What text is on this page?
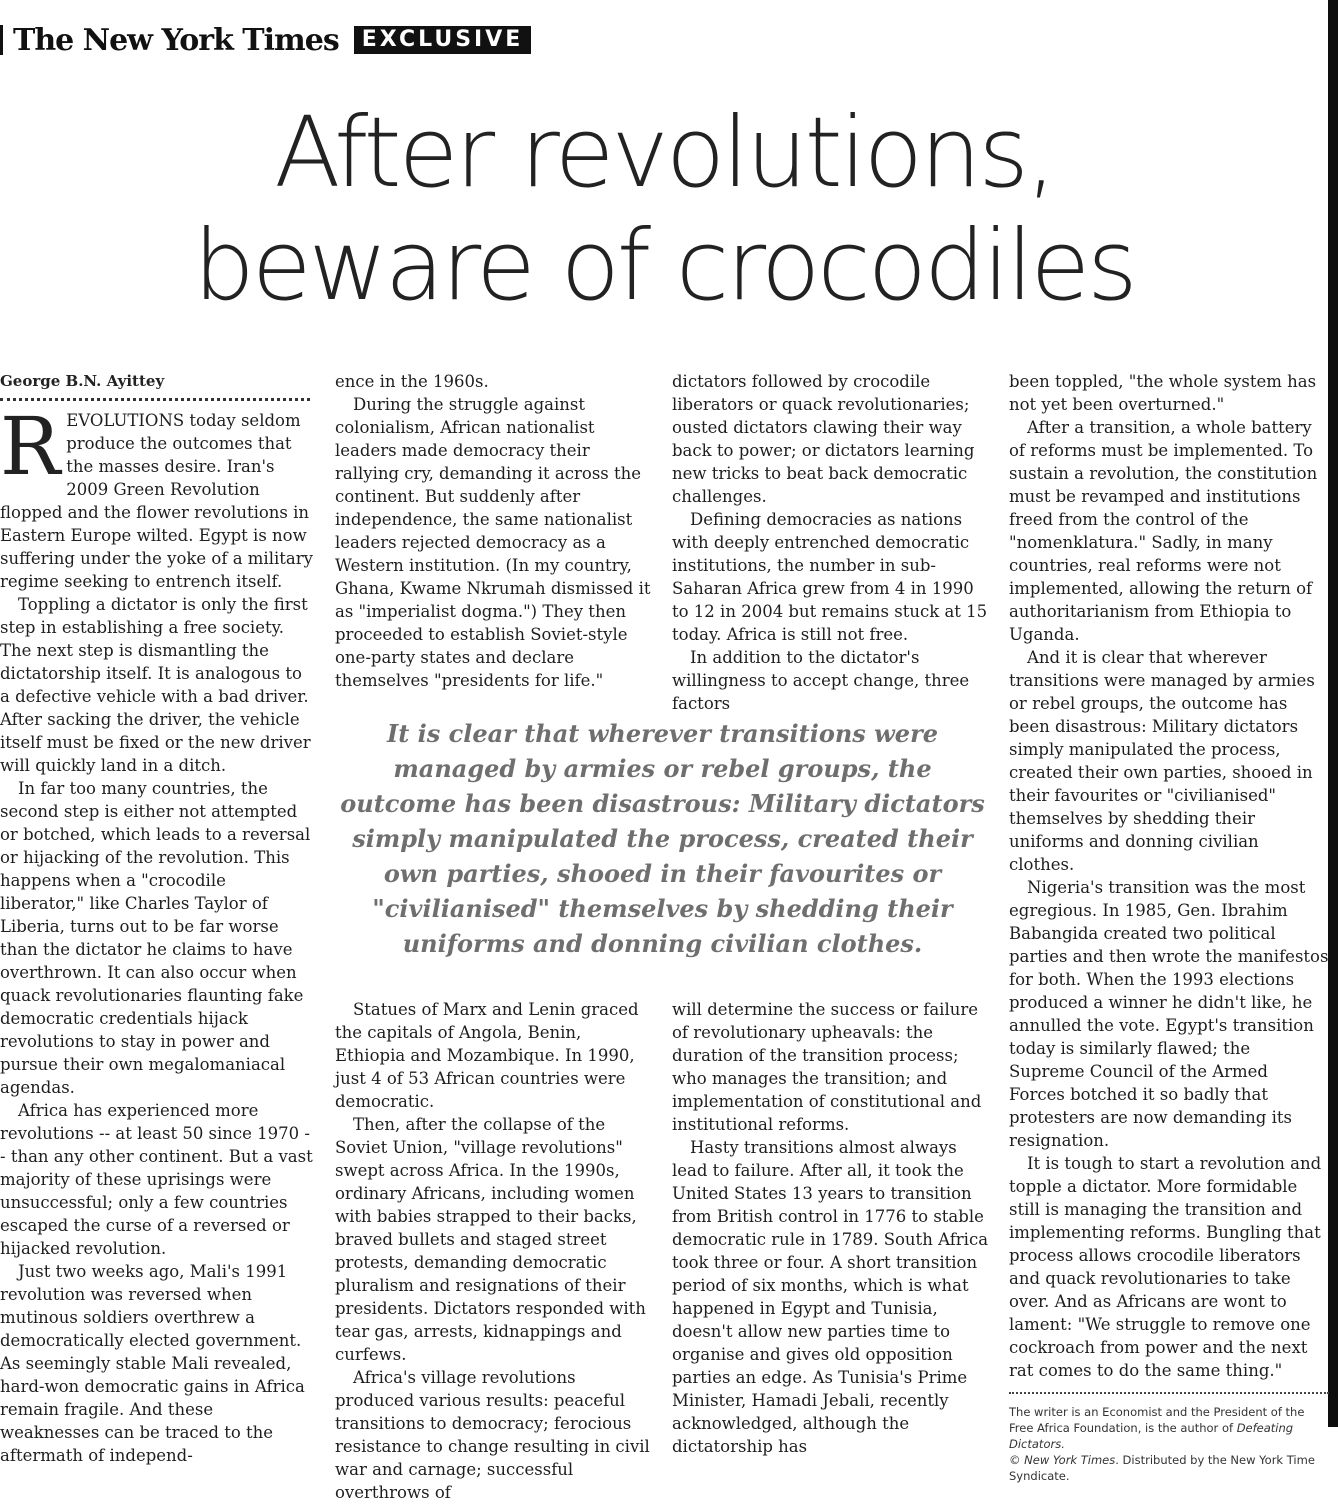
The New York Times	EXCLUSIVE
After revolutions,
beware of crocodiles
George B.N. Ayittey

REVOLUTIONS today seldom produce the outcomes that the masses desire. Iran's 2009 Green Revolution flopped and the flower revolutions in Eastern Europe wilted. Egypt is now suffering under the yoke of a military regime seeking to entrench itself.

Toppling a dictator is only the first step in establishing a free society. The next step is dismantling the dictatorship itself. It is analogous to a defective vehicle with a bad driver. After sacking the driver, the vehicle itself must be fixed or the new driver will quickly land in a ditch.

In far too many countries, the second step is either not attempted or botched, which leads to a reversal or hijacking of the revolution. This happens when a "crocodile liberator," like Charles Taylor of Liberia, turns out to be far worse than the dictator he claims to have overthrown. It can also occur when quack revolutionaries flaunting fake democratic credentials hijack revolutions to stay in power and pursue their own megalomaniacal agendas.

Africa has experienced more revolutions -- at least 50 since 1970 -- than any other continent. But a vast majority of these uprisings were unsuccessful; only a few countries escaped the curse of a reversed or hijacked revolution.

Just two weeks ago, Mali's 1991 revolution was reversed when mutinous soldiers overthrew a democratically elected government. As seemingly stable Mali revealed, hard-won democratic gains in Africa remain fragile. And these weaknesses can be traced to the aftermath of independ-

ence in the 1960s.

During the struggle against colonialism, African nationalist leaders made democracy their rallying cry, demanding it across the continent. But suddenly after independence, the same nationalist leaders rejected democracy as a Western institution. (In my country, Ghana, Kwame Nkrumah dismissed it as "imperialist dogma.") They then proceeded to establish Soviet-style one-party states and declare themselves "presidents for life."

dictators followed by crocodile liberators or quack revolutionaries; ousted dictators clawing their way back to power; or dictators learning new tricks to beat back democratic challenges.

Defining democracies as nations with deeply entrenched democratic institutions, the number in sub-Saharan Africa grew from 4 in 1990 to 12 in 2004 but remains stuck at 15 today. Africa is still not free.

In addition to the dictator's willingness to accept change, three factors

It is clear that wherever transitions were managed by armies or rebel groups, the outcome has been disastrous: Military dictators simply manipulated the process, created their own parties, shooed in their favourites or "civilianised" themselves by shedding their uniforms and donning civilian clothes.

Statues of Marx and Lenin graced the capitals of Angola, Benin, Ethiopia and Mozambique. In 1990, just 4 of 53 African countries were democratic.

Then, after the collapse of the Soviet Union, "village revolutions" swept across Africa. In the 1990s, ordinary Africans, including women with babies strapped to their backs, braved bullets and staged street protests, demanding democratic pluralism and resignations of their presidents. Dictators responded with tear gas, arrests, kidnappings and curfews.

Africa's village revolutions produced various results: peaceful transitions to democracy; ferocious resistance to change resulting in civil war and carnage; successful overthrows of

will determine the success or failure of revolutionary upheavals: the duration of the transition process; who manages the transition; and implementation of constitutional and institutional reforms.

Hasty transitions almost always lead to failure. After all, it took the United States 13 years to transition from British control in 1776 to stable democratic rule in 1789. South Africa took three or four. A short transition period of six months, which is what happened in Egypt and Tunisia, doesn't allow new parties time to organise and gives old opposition parties an edge. As Tunisia's Prime Minister, Hamadi Jebali, recently acknowledged, although the dictatorship has

been toppled, "the whole system has not yet been overturned."

After a transition, a whole battery of reforms must be implemented. To sustain a revolution, the constitution must be revamped and institutions freed from the control of the "nomenklatura." Sadly, in many countries, real reforms were not implemented, allowing the return of authoritarianism from Ethiopia to Uganda.

And it is clear that wherever transitions were managed by armies or rebel groups, the outcome has been disastrous: Military dictators simply manipulated the process, created their own parties, shooed in their favourites or "civilianised" themselves by shedding their uniforms and donning civilian clothes.

Nigeria's transition was the most egregious. In 1985, Gen. Ibrahim Babangida created two political parties and then wrote the manifestos for both. When the 1993 elections produced a winner he didn't like, he annulled the vote. Egypt's transition today is similarly flawed; the Supreme Council of the Armed Forces botched it so badly that protesters are now demanding its resignation.

It is tough to start a revolution and topple a dictator. More formidable still is managing the transition and implementing reforms. Bungling that process allows crocodile liberators and quack revolutionaries to take over. And as Africans are wont to lament: "We struggle to remove one cockroach from power and the next rat comes to do the same thing."

The writer is an Economist and the President of the Free Africa Foundation, is the author of Defeating Dictators.

© New York Times. Distributed by the New York Time Syndicate.
